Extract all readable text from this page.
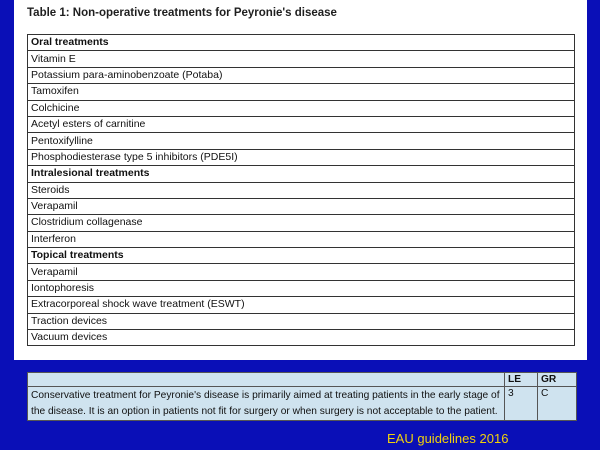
Table 1: Non-operative treatments for Peyronie's disease
Oral treatments
Vitamin E
Potassium para-aminobenzoate (Potaba)
Tamoxifen
Colchicine
Acetyl esters of carnitine
Pentoxifylline
Phosphodiesterase type 5 inhibitors (PDE5I)
Intralesional treatments
Steroids
Verapamil
Clostridium collagenase
Interferon
Topical treatments
Verapamil
Iontophoresis
Extracorporeal shock wave treatment (ESWT)
Traction devices
Vacuum devices
	LE	GR
Conservative treatment for Peyronie's disease is primarily aimed at treating patients in the early stage of the disease. It is an option in patients not fit for surgery or when surgery is not acceptable to the patient.	3	C
EAU guidelines 2016
